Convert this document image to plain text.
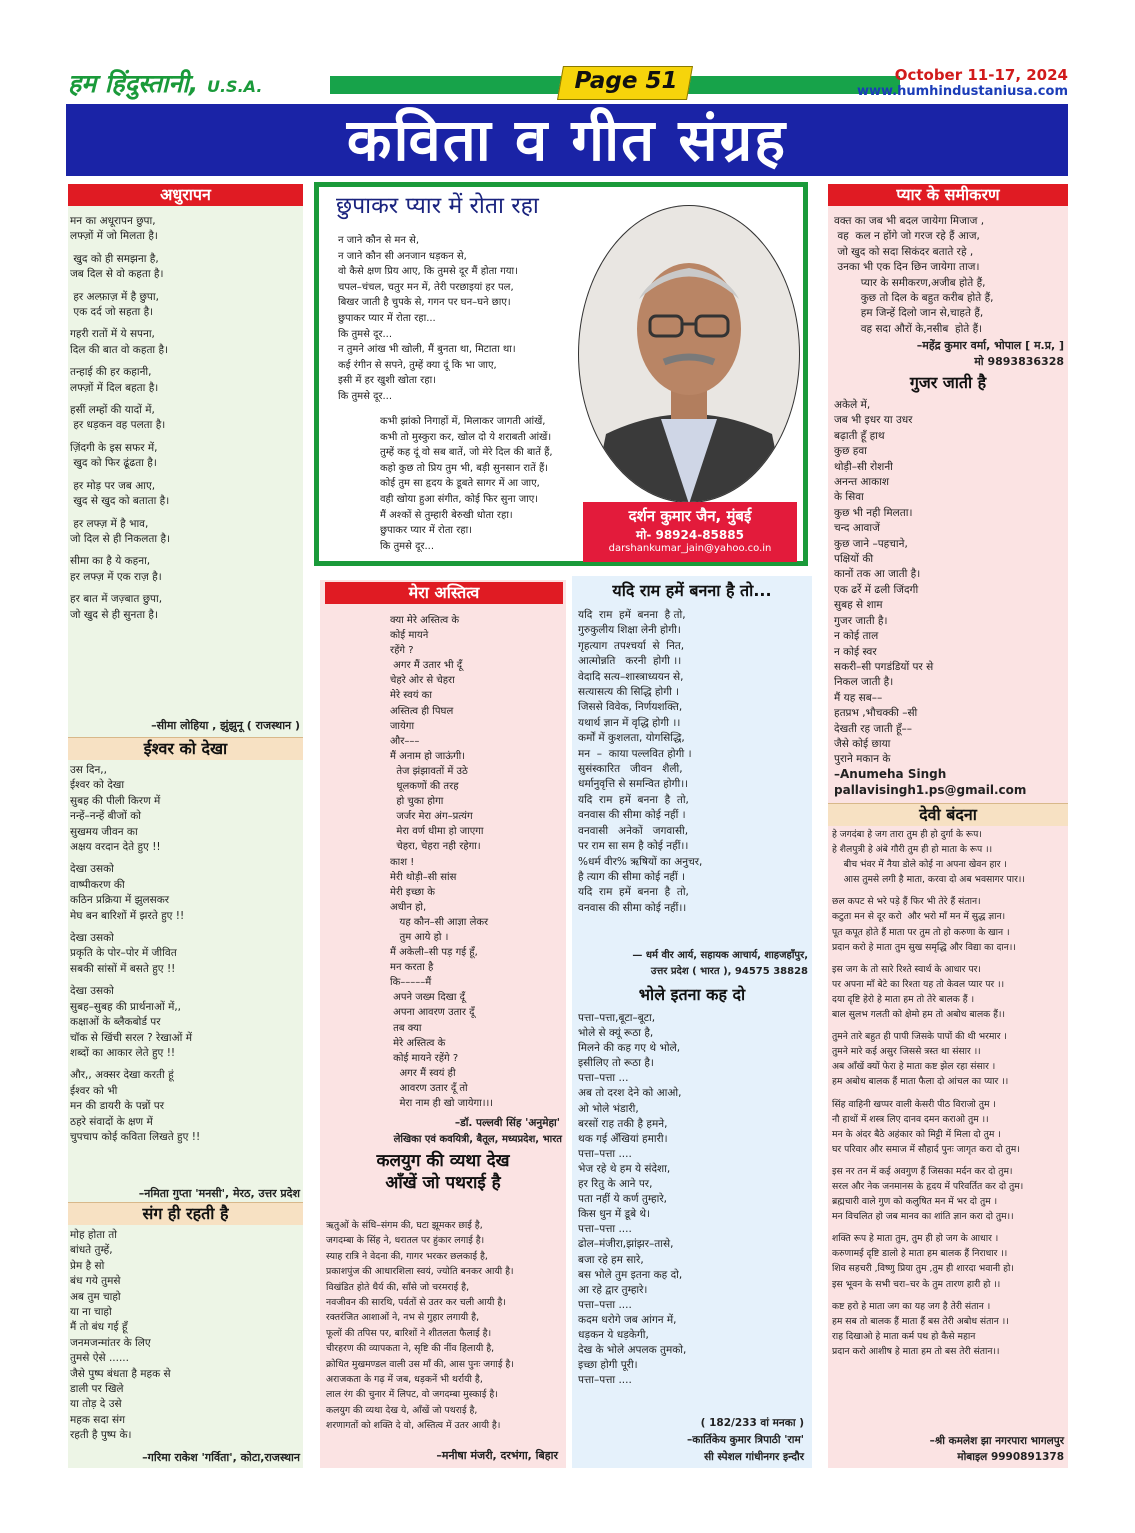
हम हिंदुस्तानी, U.S.A.	Page 51	October 11-17, 2024
www.humhindustaniusa.com
कविता व गीत संग्रह
अधुरापन

मन का अधूरापन छुपा,

लफ्ज़ों में जो मिलता है।

खुद को ही समझना है,

जब दिल से वो कहता है।

हर अल्फ़ाज़ में है छुपा,

एक दर्द जो सहता है।

गहरी रातों में ये सपना,

दिल की बात वो कहता है।

तन्हाई की हर कहानी,

लफ्ज़ों में दिल बहता है।

हसीं लम्हों की यादों में,

हर धड़कन वह पलता है।

ज़िंदगी के इस सफर में,

खुद को फिर ढूंढता है।

हर मोड़ पर जब आए,

खुद से खुद को बताता है।

हर लफ्ज़ में है भाव,

जो दिल से ही निकलता है।

सीमा का है ये कहना,

हर लफ्ज़ में एक राज़ है।

हर बात में जज़्बात छुपा,

जो खुद से ही सुनता है।

–सीमा लोहिया , झुंझुनू ( राजस्थान )
ईश्वर को देखा

उस दिन,,

ईश्वर को देखा

सुबह की पीली किरण में

नन्हें–नन्हें बीजों को

सुखमय जीवन का

अक्षय वरदान देते हुए !!

देखा उसको

वाष्पीकरण की

कठिन प्रक्रिया में झुलसकर

मेघ बन बारिशों में झरते हुए !!

देखा उसको

प्रकृति के पोर–पोर में जीवित

सबकी सांसों में बसते हुए !!

देखा उसको

सुबह–सुबह की प्रार्थनाओं में,,

कक्षाओं के ब्लैकबोर्ड पर

चॉक से खिंची सरल ? रेखाओं में

शब्दों का आकार लेते हुए !!

और,, अक्सर देखा करती हूं

ईश्वर को भी

मन की डायरी के पन्नों पर

ठहरे संवादों के क्षण में

चुपचाप कोई कविता लिखते हुए !!

–नमिता गुप्ता 'मनसी', मेरठ, उत्तर प्रदेश
संग ही रहती है

मोह होता तो

बांधते तुम्हें,

प्रेम है सो

बंध गये तुमसे

अब तुम चाहो

या ना चाहो

मैं तो बंध गई हूँ

जनमजन्मांतर के लिए

तुमसे ऐसे ......

जैसे पुष्प बंधता है महक से

डाली पर खिले

या तोड़ दे उसे

महक सदा संग

रहती है पुष्प के।

–गरिमा राकेश 'गर्विता', कोटा,राजस्थान
छुपाकर प्यार में रोता रहा

न जाने कौन से मन से,

न जाने कौन सी अनजान धड़कन से,

वो कैसे क्षण प्रिय आए, कि तुमसे दूर मैं होता गया।

चपल–चंचल, चतुर मन में, तेरी परछाइयां हर पल,

बिखर जाती है चुपके से, गगन पर घन–घने छाए।

छुपाकर प्यार में रोता रहा...

कि तुमसे दूर...

न तुमने आंख भी खोली, मैं बुनता था, मिटाता था।

कई रंगीन से सपने, तुम्हें क्या दूं कि भा जाए,

इसी में हर खुशी खोता रहा।

कि तुमसे दूर...

कभी झांको निगाहों में, मिलाकर जागती आंखें,

कभी तो मुस्कुरा कर, खोल दो ये शराबती आंखें।

तुम्हें कह दूं वो सब बातें, जो मेरे दिल की बातें हैं,

कहो कुछ तो प्रिय तुम भी, बड़ी सुनसान रातें हैं।

कोई तुम सा हृदय के डूबते सागर में आ जाए,

वही खोया हुआ संगीत, कोई फिर सुना जाए।

मैं अश्कों से तुम्हारी बेरुखी धोता रहा।

छुपाकर प्यार में रोता रहा।

कि तुमसे दूर...

दर्शन कुमार जैन, मुंबई
मो- 98924-85885
darshankumar_jain@yahoo.co.in
मेरा अस्तित्व

क्या मेरे अस्तित्व के

कोई मायने

रहेंगे ?

अगर मैं उतार भी दूँ

चेहरे ओर से चेहरा

मेरे स्वयं का

अस्तित्व ही पिघल

जायेगा

और–––

मैं अनाम हो जाऊंगी।

तेज झंझावतों में उठे

धूलकणों की तरह

हो चुका होगा

जर्जर मेरा अंग–प्रत्यंग

मेरा वर्ण धीमा हो जाएगा

चेहरा, चेहरा नही रहेगा।

काश !

मेरी थोड़ी–सी सांस

मेरी इच्छा के

अधीन हो,

यह कौन–सी आज्ञा लेकर

तुम आये हो ।

मैं अकेली–सी पड़ गई हूँ,

मन करता है

कि–––––मैं

अपने जख्म दिखा दूँ

अपना आवरण उतार दूँ

तब क्या

मेरे अस्तित्व के

कोई मायने रहेंगे ?

अगर मैं स्वयं ही

आवरण उतार दूँ तो

मेरा नाम ही खो जायेगा।।।

–डॉ. पल्लवी सिंह 'अनुमेहा'
लेखिका एवं कवयित्री, बैतूल, मध्यप्रदेश, भारत
कलयुग की व्यथा देख
आँखें जो पथराई है

ऋतुओं के संधि–संगम की, घटा झूमकर छाई है,

जगदम्बा के सिंह ने, धरातल पर हुंकार लगाई है।

स्याह रात्रि ने वेदना की, गागर भरकर छलकाई है,

प्रकाशपुंज की आधारशिला स्वयं, ज्योति बनकर आयी है।

विखंडित होते धैर्य की, साँसे जो चरमराई है,

नवजीवन की सारथि, पर्वतों से उतर कर चली आयी है।

रक्तरंजित आशाओं ने, नभ से गुहार लगायी है,

फूलों की तपिस पर, बारिशों ने शीतलता फैलाई है।

चीरहरण की व्यापकता ने, सृष्टि की नींव हिलायी है,

क्रोधित मुखमण्डल वाली उस माँ की, आस पुनः जगाई है।

अराजकता के गढ़ में जब, धड़कनें भी थर्रायी है,

लाल रंग की चुनार में लिपट, वो जगदम्बा मुस्काई है।

कलयुग की व्यथा देख ये, आँखें जो पथराई है,

शरणागतों को शक्ति दे वो, अस्तित्व में उतर आयी है।

–मनीषा मंजरी, दरभंगा, बिहार
यदि राम हमें बनना है तो...

यदि  राम  हमें  बनना  है तो,

गुरुकुलीय शिक्षा लेनी होगी।

गृहत्याग  तपश्चर्या  से  नित,

आत्मोन्नति   करनी  होगी ।।

वेदादि सत्य–शास्त्राध्ययन से,

सत्यासत्य की सिद्धि होगी ।

जिससे विवेक, निर्णयशक्ति,

यथार्थ ज्ञान में वृद्धि होगी ।।

कर्मों में कुशलता, योगसिद्धि,

मन  –  काया पल्लवित होगी ।

सुसंस्कारित   जीवन   शैली,

धर्मानुवृत्ति से समन्वित होगी।।

यदि  राम  हमें  बनना  है  तो,

वनवास की सीमा कोई नहीं ।

वनवासी   अनेकों   जगवासी,

पर राम सा सम है कोई नहीं।।

%धर्म वीर% ऋषियों का अनुचर,

है त्याग की सीमा कोई नहीं ।

यदि  राम  हमें  बनना  है  तो,

वनवास की सीमा कोई नहीं।।

— धर्म वीर आर्य, सहायक आचार्य, शाहजहाँपुर,
उत्तर प्रदेश ( भारत ), 94575 38828
भोले इतना कह दो

पत्ता–पत्ता,बूटा–बूटा,

भोले से क्यूं रूठा है,

मिलने की कह गए थे भोले,

इसीलिए तो रूठा है।

पत्ता–पत्ता ...

अब तो दरश देने को आओ,

ओ भोले भंडारी,

बरसों राह तकी है हमने,

थक गई अँखियां हमारी।

पत्ता–पत्ता ....

भेज रहे थे हम ये संदेशा,

हर रितु के आने पर,

पता नहीं ये कर्ण तुम्हारे,

किस धुन में डूबे थे।

पत्ता–पत्ता ....

ढोल–मंजीरा,झांझर–तासे,

बजा रहे हम सारे,

बस भोले तुम इतना कह दो,

आ रहे द्वार तुम्हारे।

पत्ता–पत्ता ....

कदम धरोगे जब आंगन में,

धड़कन ये धड़केगी,

देख के भोले अपलक तुमको,

इच्छा होगी पूरी।

पत्ता–पत्ता ....

( 182/233 वां मनका )
–कार्तिकेय कुमार त्रिपाठी 'राम'
सी स्पेशल गांधीनगर इन्दौर
प्यार के समीकरण

वक्त का जब भी बदल जायेगा मिजाज ,

वह  कल न होंगे जो गरज रहे हैं आज,

जो खुद को सदा सिकंदर बताते रहे ,

उनका भी एक दिन छिन जायेगा ताज।

प्यार के समीकरण,अजीब होते हैं,

कुछ तो दिल के बहुत करीब होते हैं,

हम जिन्हें दिलो जान से,चाहते हैं,

वह सदा औरों के,नसीब  होते हैं।

–महेंद्र कुमार वर्मा, भोपाल [ म.प्र, ]
मो 9893836328
गुजर जाती है

अकेले में,

जब भी इधर या उधर

बढ़ाती हूँ हाथ

कुछ हवा

थोड़ी–सी रोशनी

अनन्त आकाश

के सिवा

कुछ भी नही मिलता।

चन्द आवाजें

कुछ जाने –पहचाने,

पक्षियों की

कानों तक आ जाती है।

एक ढर्रे में ढली जिंदगी

सुबह से शाम

गुजर जाती है।

न कोई ताल

न कोई स्वर

सकरी–सी पगडंडियों पर से

निकल जाती है।

मैं यह सब––

हतप्रभ ,भौचक्की –सी

देखती रह जाती हूँ––

जैसे कोई छाया

पुराने मकान के

–Anumeha Singh
pallavisingh1.ps@gmail.com
देवी बंदना

हे जगदंबा हे जग तारा तुम ही हो दुर्गा के रूप।

हे शैलपुत्री हे अंबे गौरी तुम ही हो माता के रूप ।।

बीच भंवर में नैया डोले कोई ना अपना खेवन हार ।

आस तुमसे लगी है माता, करवा दो अब भवसागर पार।।

छल कपट से भरे पड़े हैं फिर भी तेरे हैं संतान।

कटुता मन से दूर करो  और भरो माँ मन में सुद्ध ज्ञान।

पूत कपूत होते हैं माता पर तुम तो हो करुणा के खान ।

प्रदान करो हे माता तुम सुख समृद्धि और विद्या का दान।।

इस जग के तो सारे रिश्ते स्वार्थ के आधार पर।

पर अपना माँ बेटे का रिश्ता यह तो केवल प्यार पर ।।

दया दृष्टि हेरो हे माता हम तो तेरे बालक हैं ।

बाल सुलभ गलती को क्षेमो हम तो अबोध बालक हैं।।

तुमने तारे बहुत ही पापी जिसके पापों की थी भरमार ।

तुमने मारे कई असुर जिससे त्रस्त था संसार ।।

अब आँखें क्यों फेरा हे माता कष्ट झेल रहा संसार ।

हम अबोध बालक हैं माता फैला दो आंचल का प्यार ।।

सिंह वाहिनी खप्पर वाली केसरी पीठ विराजो तुम ।

नौ हाथों में शस्त्र लिए दानव दमन कराओ तुम ।।

मन के अंदर बैठे अहंकार को मिट्टी में मिला दो तुम ।

घर परिवार और समाज में सौहार्द पुनः जागृत करा दो तुम।

इस नर तन में कई अवगुण हैं जिसका मर्दन कर दो तुम।

सरल और नेक जनमानस के हृदय में परिवर्तित कर दो तुम।

ब्रह्मचारी वाले गुण को कलुषित मन में भर दो तुम ।

मन विचलित हो जब मानव का शांति ज्ञान करा दो तुम।।

शक्ति रूप हे माता तुम, तुम ही हो जग के आधार ।

करुणामई दृष्टि डालो हे माता हम बालक हैं निराधार ।।

शिव सहचरी ,विष्णु प्रिया तुम ,तुम ही शारदा भवानी हो।

इस भूवन के सभी चरा–चर के तुम तारण हारी हो ।।

कष्ट हरो हे माता जग का यह जग है तेरी संतान ।

हम सब तो बालक हैं माता हैं बस तेरी अबोध संतान ।।

राह दिखाओ हे माता कर्म पथ हो कैसे महान

प्रदान करो आशीष हे माता हम तो बस तेरी संतान।।

–श्री कमलेश झा नगरपारा भागलपुर
मोबाइल 9990891378
